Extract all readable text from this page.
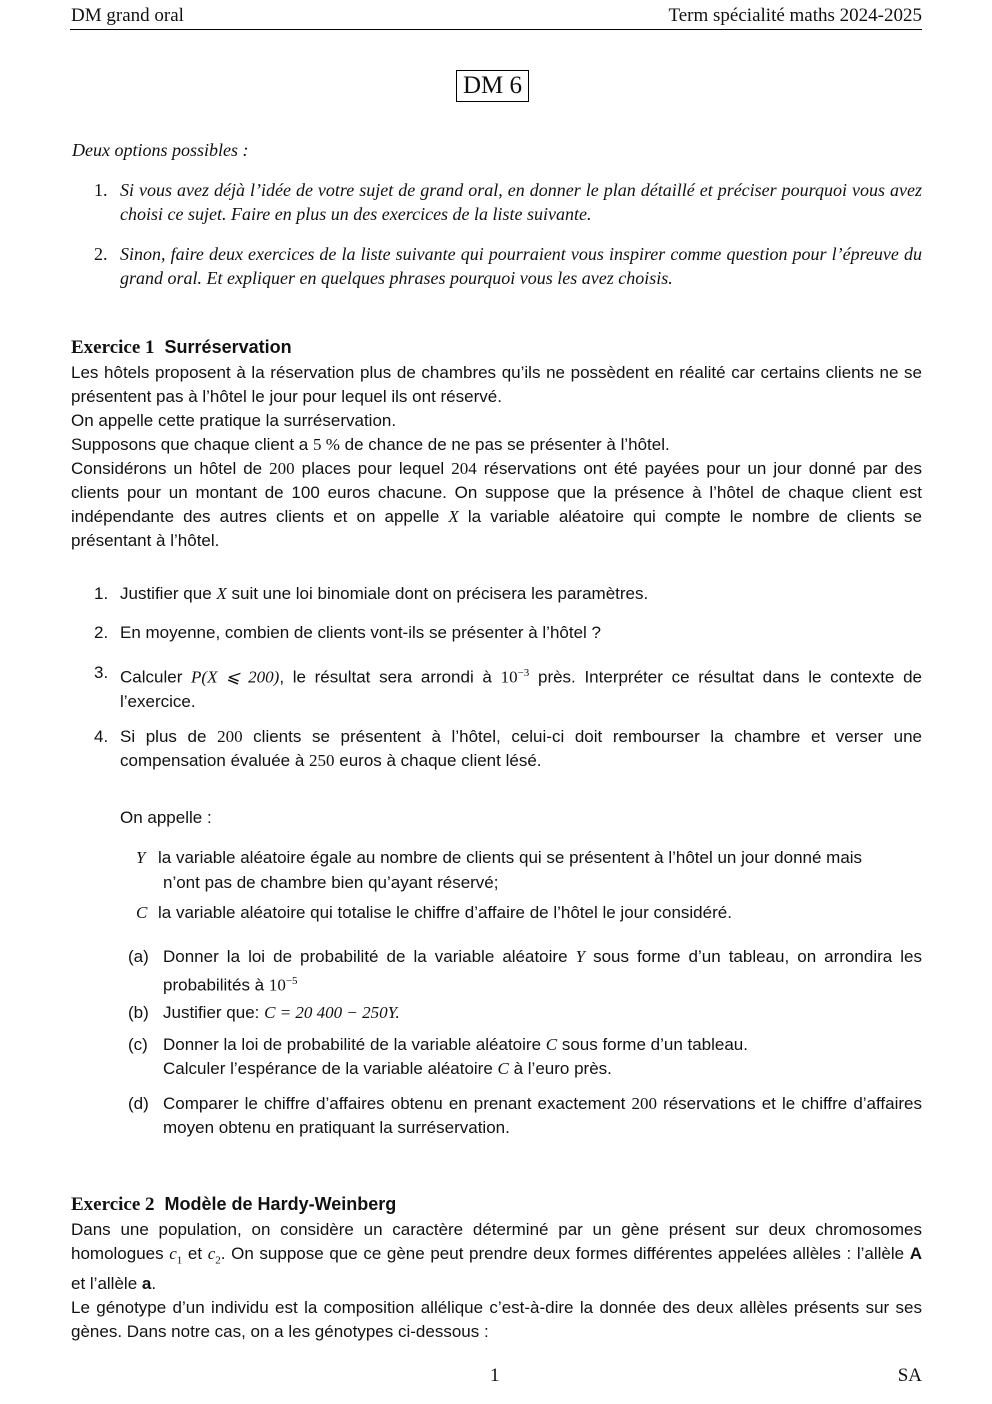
DM grand oral	Term spécialité maths 2024-2025
DM 6
Deux options possibles :
1. Si vous avez déjà l’idée de votre sujet de grand oral, en donner le plan détaillé et préciser pourquoi vous avez choisi ce sujet. Faire en plus un des exercices de la liste suivante.
2. Sinon, faire deux exercices de la liste suivante qui pourraient vous inspirer comme question pour l’épreuve du grand oral. Et expliquer en quelques phrases pourquoi vous les avez choisis.
Exercice 1 Surréservation
Les hôtels proposent à la réservation plus de chambres qu’ils ne possèdent en réalité car certains clients ne se présentent pas à l’hôtel le jour pour lequel ils ont réservé.
On appelle cette pratique la surréservation.
Supposons que chaque client a 5 % de chance de ne pas se présenter à l’hôtel.
Considérons un hôtel de 200 places pour lequel 204 réservations ont été payées pour un jour donné par des clients pour un montant de 100 euros chacune. On suppose que la présence à l’hôtel de chaque client est indépendante des autres clients et on appelle X la variable aléatoire qui compte le nombre de clients se présentant à l’hôtel.
1. Justifier que X suit une loi binomiale dont on précisera les paramètres.
2. En moyenne, combien de clients vont-ils se présenter à l’hôtel ?
3. Calculer P(X ⩽ 200), le résultat sera arrondi à $10^{-3}$ près. Interpréter ce résultat dans le contexte de l’exercice.
4. Si plus de 200 clients se présentent à l’hôtel, celui-ci doit rembourser la chambre et verser une compensation évaluée à 250 euros à chaque client lésé.
On appelle :
Y la variable aléatoire égale au nombre de clients qui se présentent à l’hôtel un jour donné mais
n’ont pas de chambre bien qu’ayant réservé;
C la variable aléatoire qui totalise le chiffre d’affaire de l’hôtel le jour considéré.
(a) Donner la loi de probabilité de la variable aléatoire Y sous forme d’un tableau, on arrondira les probabilités à $10^{-5}$
(b) Justifier que: C = 20 400 − 250Y.
(c) Donner la loi de probabilité de la variable aléatoire C sous forme d’un tableau.
Calculer l’espérance de la variable aléatoire C à l’euro près.
(d) Comparer le chiffre d’affaires obtenu en prenant exactement 200 réservations et le chiffre d’affaires moyen obtenu en pratiquant la surréservation.
Exercice 2 Modèle de Hardy-Weinberg
Dans une population, on considère un caractère déterminé par un gène présent sur deux chromosomes homologues $c_1$ et $c_2$. On suppose que ce gène peut prendre deux formes différentes appelées allèles : l’allèle A et l’allèle a.
Le génotype d’un individu est la composition allélique c’est-à-dire la donnée des deux allèles présents sur ses gènes. Dans notre cas, on a les génotypes ci-dessous :
1	SA
